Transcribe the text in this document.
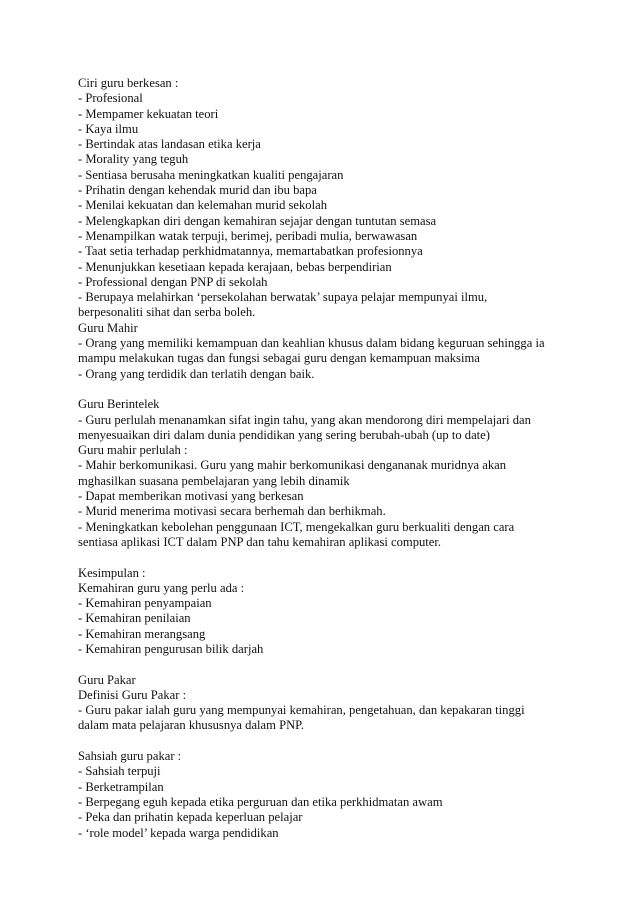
Ciri guru berkesan :
- Profesional
- Mempamer kekuatan teori
- Kaya ilmu
- Bertindak atas landasan etika kerja
- Morality yang teguh
- Sentiasa berusaha meningkatkan kualiti pengajaran
- Prihatin dengan kehendak murid dan ibu bapa
- Menilai kekuatan dan kelemahan murid sekolah
- Melengkapkan diri dengan kemahiran sejajar dengan tuntutan semasa
- Menampilkan watak terpuji, berimej, peribadi mulia, berwawasan
- Taat setia terhadap perkhidmatannya, memartabatkan profesionnya
- Menunjukkan kesetiaan kepada kerajaan, bebas berpendirian
- Professional dengan PNP di sekolah
- Berupaya melahirkan ‘persekolahan berwatak’ supaya pelajar mempunyai ilmu,
berpesonaliti sihat dan serba boleh.
Guru Mahir
- Orang yang memiliki kemampuan dan keahlian khusus dalam bidang keguruan sehingga ia
mampu melakukan tugas dan fungsi sebagai guru dengan kemampuan maksima
- Orang yang terdidik dan terlatih dengan baik.
Guru Berintelek
- Guru perlulah menanamkan sifat ingin tahu, yang akan mendorong diri mempelajari dan
menyesuaikan diri dalam dunia pendidikan yang sering berubah-ubah (up to date)
Guru mahir perlulah :
- Mahir berkomunikasi. Guru yang mahir berkomunikasi dengananak muridnya akan
mghasilkan suasana pembelajaran yang lebih dinamik
- Dapat memberikan motivasi yang berkesan
- Murid menerima motivasi secara berhemah dan berhikmah.
- Meningkatkan kebolehan penggunaan ICT, mengekalkan guru berkualiti dengan cara
sentiasa aplikasi ICT dalam PNP dan tahu kemahiran aplikasi computer.
Kesimpulan :
Kemahiran guru yang perlu ada :
- Kemahiran penyampaian
- Kemahiran penilaian
- Kemahiran merangsang
- Kemahiran pengurusan bilik darjah
Guru Pakar
Definisi Guru Pakar :
- Guru pakar ialah guru yang mempunyai kemahiran, pengetahuan, dan kepakaran tinggi
dalam mata pelajaran khususnya dalam PNP.
Sahsiah guru pakar :
- Sahsiah terpuji
- Berketrampilan
- Berpegang eguh kepada etika perguruan dan etika perkhidmatan awam
- Peka dan prihatin kepada keperluan pelajar
- ‘role model’ kepada warga pendidikan
